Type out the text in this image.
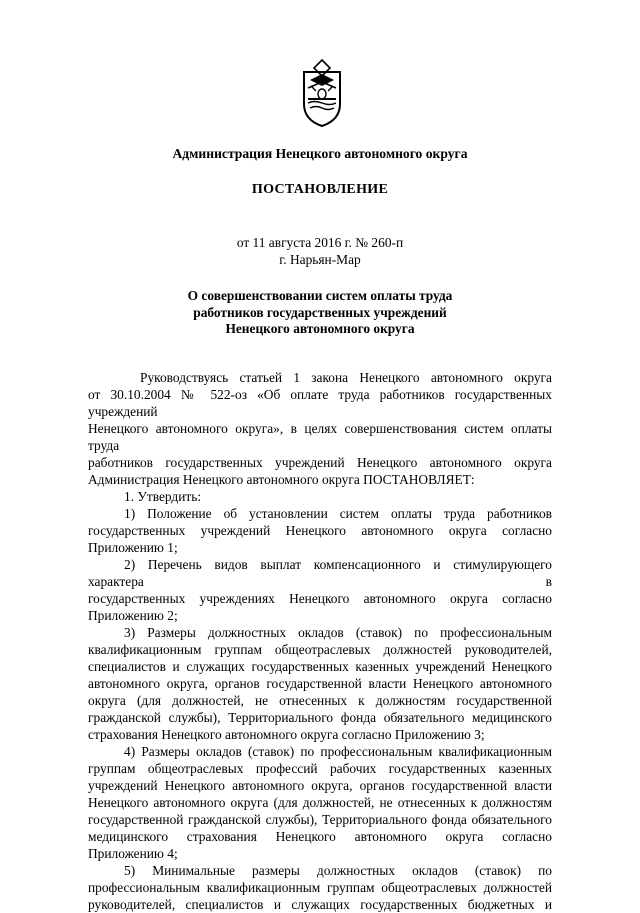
Администрация Ненецкого автономного округа
ПОСТАНОВЛЕНИЕ
от 11 августа 2016 г. № 260-п
г. Нарьян-Мар
О совершенствовании систем оплаты труда
работников государственных учреждений
Ненецкого автономного округа
Руководствуясь статьей 1 закона Ненецкого автономного округа
от 30.10.2004 № 522-оз «Об оплате труда работников государственных учреждений
Ненецкого автономного округа», в целях совершенствования систем оплаты труда
работников государственных учреждений Ненецкого автономного округа
Администрация Ненецкого автономного округа ПОСТАНОВЛЯЕТ:
1. Утвердить:
1) Положение об установлении систем оплаты труда работников
государственных учреждений Ненецкого автономного округа согласно
Приложению 1;
2) Перечень видов выплат компенсационного и стимулирующего характера в
государственных учреждениях Ненецкого автономного округа согласно
Приложению 2;
3) Размеры должностных окладов (ставок) по профессиональным
квалификационным группам общеотраслевых должностей руководителей,
специалистов и служащих государственных казенных учреждений Ненецкого
автономного округа, органов государственной власти Ненецкого автономного
округа (для должностей, не отнесенных к должностям государственной
гражданской службы), Территориального фонда обязательного медицинского
страхования Ненецкого автономного округа согласно Приложению 3;
4) Размеры окладов (ставок) по профессиональным квалификационным
группам общеотраслевых профессий рабочих государственных казенных
учреждений Ненецкого автономного округа, органов государственной власти
Ненецкого автономного округа (для должностей, не отнесенных к должностям
государственной гражданской службы), Территориального фонда обязательного
медицинского страхования Ненецкого автономного округа согласно
Приложению 4;
5) Минимальные размеры должностных окладов (ставок) по
профессиональным квалификационным группам общеотраслевых должностей
руководителей, специалистов и служащих государственных бюджетных и
